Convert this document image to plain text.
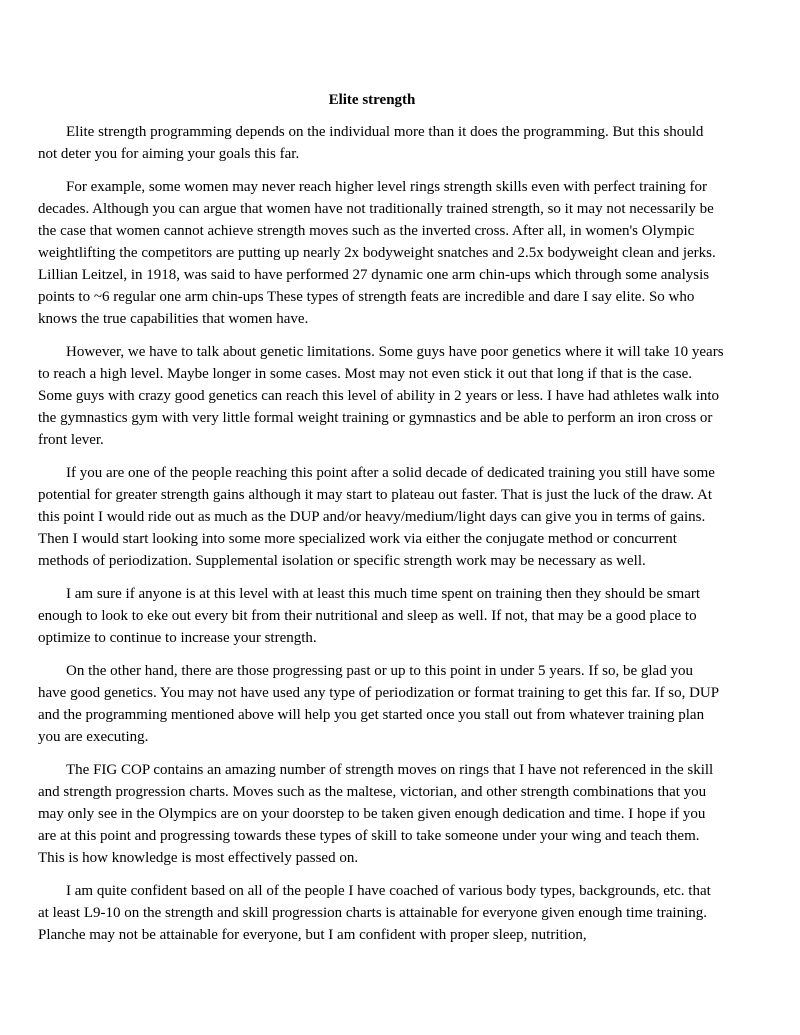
Elite strength

Elite strength programming depends on the individual more than it does the programming. But this should not deter you for aiming your goals this far.

For example, some women may never reach higher level rings strength skills even with perfect training for decades. Although you can argue that women have not traditionally trained strength, so it may not necessarily be the case that women cannot achieve strength moves such as the inverted cross. After all, in women's Olympic weightlifting the competitors are putting up nearly 2x bodyweight snatches and 2.5x bodyweight clean and jerks. Lillian Leitzel, in 1918, was said to have performed 27 dynamic one arm chin-ups which through some analysis points to ~6 regular one arm chin-ups These types of strength feats are incredible and dare I say elite. So who knows the true capabilities that women have.

However, we have to talk about genetic limitations. Some guys have poor genetics where it will take 10 years to reach a high level. Maybe longer in some cases. Most may not even stick it out that long if that is the case. Some guys with crazy good genetics can reach this level of ability in 2 years or less. I have had athletes walk into the gymnastics gym with very little formal weight training or gymnastics and be able to perform an iron cross or front lever.

If you are one of the people reaching this point after a solid decade of dedicated training you still have some potential for greater strength gains although it may start to plateau out faster. That is just the luck of the draw. At this point I would ride out as much as the DUP and/or heavy/medium/light days can give you in terms of gains. Then I would start looking into some more specialized work via either the conjugate method or concurrent methods of periodization. Supplemental isolation or specific strength work may be necessary as well.

I am sure if anyone is at this level with at least this much time spent on training then they should be smart enough to look to eke out every bit from their nutritional and sleep as well. If not, that may be a good place to optimize to continue to increase your strength.

On the other hand, there are those progressing past or up to this point in under 5 years. If so, be glad you have good genetics. You may not have used any type of periodization or format training to get this far. If so, DUP and the programming mentioned above will help you get started once you stall out from whatever training plan you are executing.

The FIG COP contains an amazing number of strength moves on rings that I have not referenced in the skill and strength progression charts. Moves such as the maltese, victorian, and other strength combinations that you may only see in the Olympics are on your doorstep to be taken given enough dedication and time. I hope if you are at this point and progressing towards these types of skill to take someone under your wing and teach them. This is how knowledge is most effectively passed on.

I am quite confident based on all of the people I have coached of various body types, backgrounds, etc. that at least L9-10 on the strength and skill progression charts is attainable for everyone given enough time training. Planche may not be attainable for everyone, but I am confident with proper sleep, nutrition,
